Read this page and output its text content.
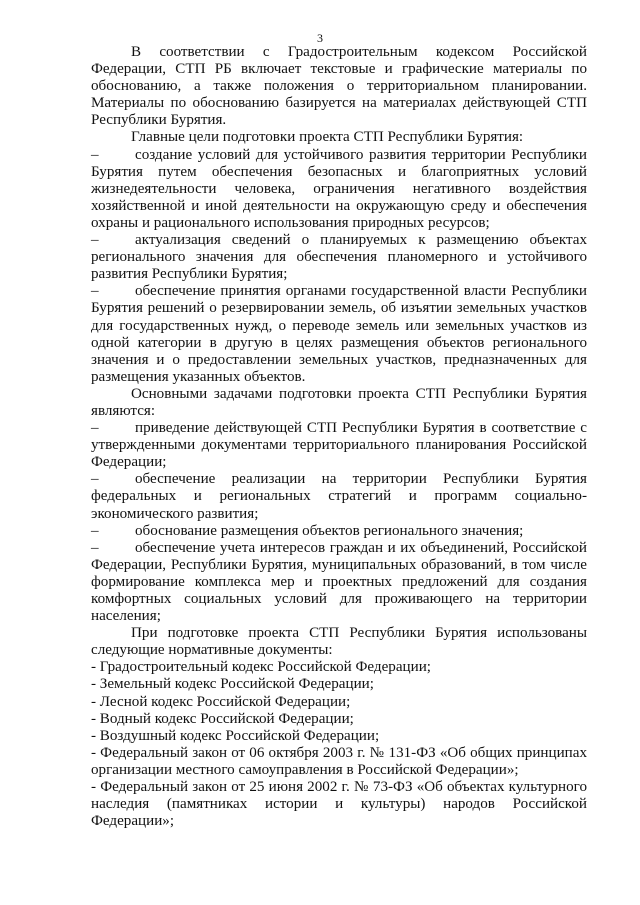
3
В соответствии с Градостроительным кодексом Российской Федерации, СТП РБ включает текстовые и графические материалы по обоснованию, а также положения о территориальном планировании. Материалы по обоснованию базируется на материалах действующей СТП Республики Бурятия.
Главные цели подготовки проекта СТП Республики Бурятия:
– создание условий для устойчивого развития территории Республики Бурятия путем обеспечения безопасных и благоприятных условий жизнедеятельности человека, ограничения негативного воздействия хозяйственной и иной деятельности на окружающую среду и обеспечения охраны и рационального использования природных ресурсов;
– актуализация сведений о планируемых к размещению объектах регионального значения для обеспечения планомерного и устойчивого развития Республики Бурятия;
– обеспечение принятия органами государственной власти Республики Бурятия решений о резервировании земель, об изъятии земельных участков для государственных нужд, о переводе земель или земельных участков из одной категории в другую в целях размещения объектов регионального значения и о предоставлении земельных участков, предназначенных для размещения указанных объектов.
Основными задачами подготовки проекта СТП Республики Бурятия являются:
– приведение действующей СТП Республики Бурятия в соответствие с утвержденными документами территориального планирования Российской Федерации;
– обеспечение реализации на территории Республики Бурятия федеральных и региональных стратегий и программ социально-экономического развития;
– обоснование размещения объектов регионального значения;
– обеспечение учета интересов граждан и их объединений, Российской Федерации, Республики Бурятия, муниципальных образований, в том числе формирование комплекса мер и проектных предложений для создания комфортных социальных условий для проживающего на территории населения;
При подготовке проекта СТП Республики Бурятия использованы следующие нормативные документы:
- Градостроительный кодекс Российской Федерации;
- Земельный кодекс Российской Федерации;
- Лесной кодекс Российской Федерации;
- Водный кодекс Российской Федерации;
- Воздушный кодекс Российской Федерации;
- Федеральный закон от 06 октября 2003 г. № 131-ФЗ «Об общих принципах организации местного самоуправления в Российской Федерации»;
- Федеральный закон от 25 июня 2002 г. № 73-ФЗ «Об объектах культурного наследия (памятниках истории и культуры) народов Российской Федерации»;
